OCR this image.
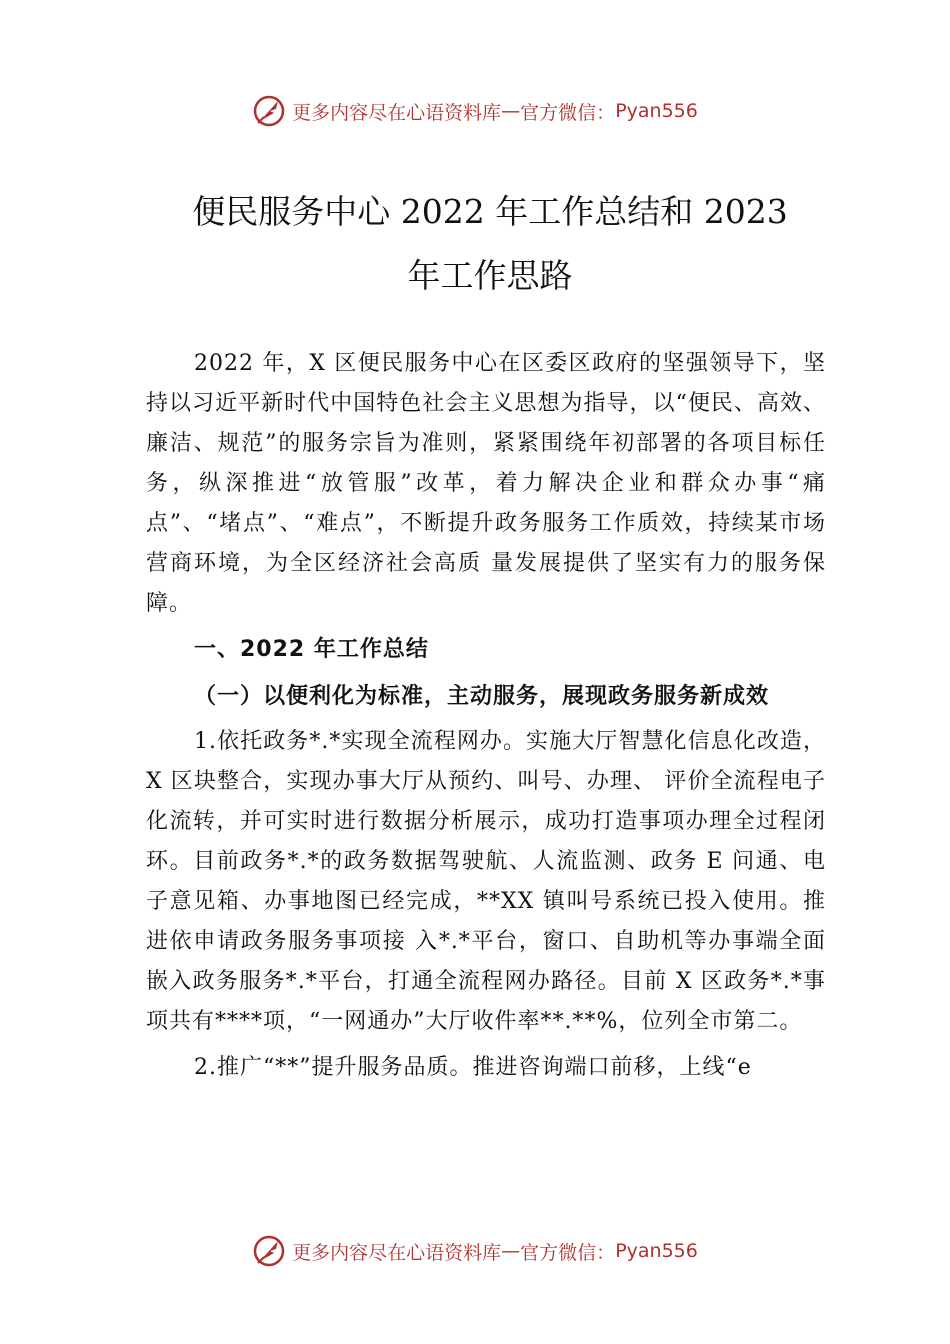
更多内容尽在心语资料库 — 官方微信： Pyan556
便民服务中心 2022 年工作总结和 2023
年工作思路

2022 年，X 区便民服务中心在区委区政府的坚强领导下，坚持以习近平新时代中国特色社会主义思想为指导，以“便民、高效、廉洁、规范”的服务宗旨为准则，紧紧围绕年初部署的各项目标任务，纵深推进“放管服”改革，着力解决企业和群众办事“痛点”、“堵点”、“难点”，不断提升政务服务工作质效，持续某市场营商环境，为全区经济社会高质 量发展提供了坚实有力的服务保障。

一、2022 年工作总结

（一）以便利化为标准，主动服务，展现政务服务新成效

1.依托政务*.*实现全流程网办。实施大厅智慧化信息化改造，X 区块整合，实现办事大厅从预约、叫号、办理、 评价全流程电子化流转，并可实时进行数据分析展示，成功打造事项办理全过程闭环。目前政务*.*的政务数据驾驶航、人流监测、政务 E 问通、电子意见箱、办事地图已经完成，**XX 镇叫号系统已投入使用。推进依申请政务服务事项接 入*.*平台，窗口、自助机等办事端全面嵌入政务服务*.*平台，打通全流程网办路径。目前 X 区政务*.*事项共有****项，“一网通办”大厅收件率**.**%，位列全市第二。

2.推广“**”提升服务品质。推进咨询端口前移，上线“e

更多内容尽在心语资料库 — 官方微信： Pyan556
